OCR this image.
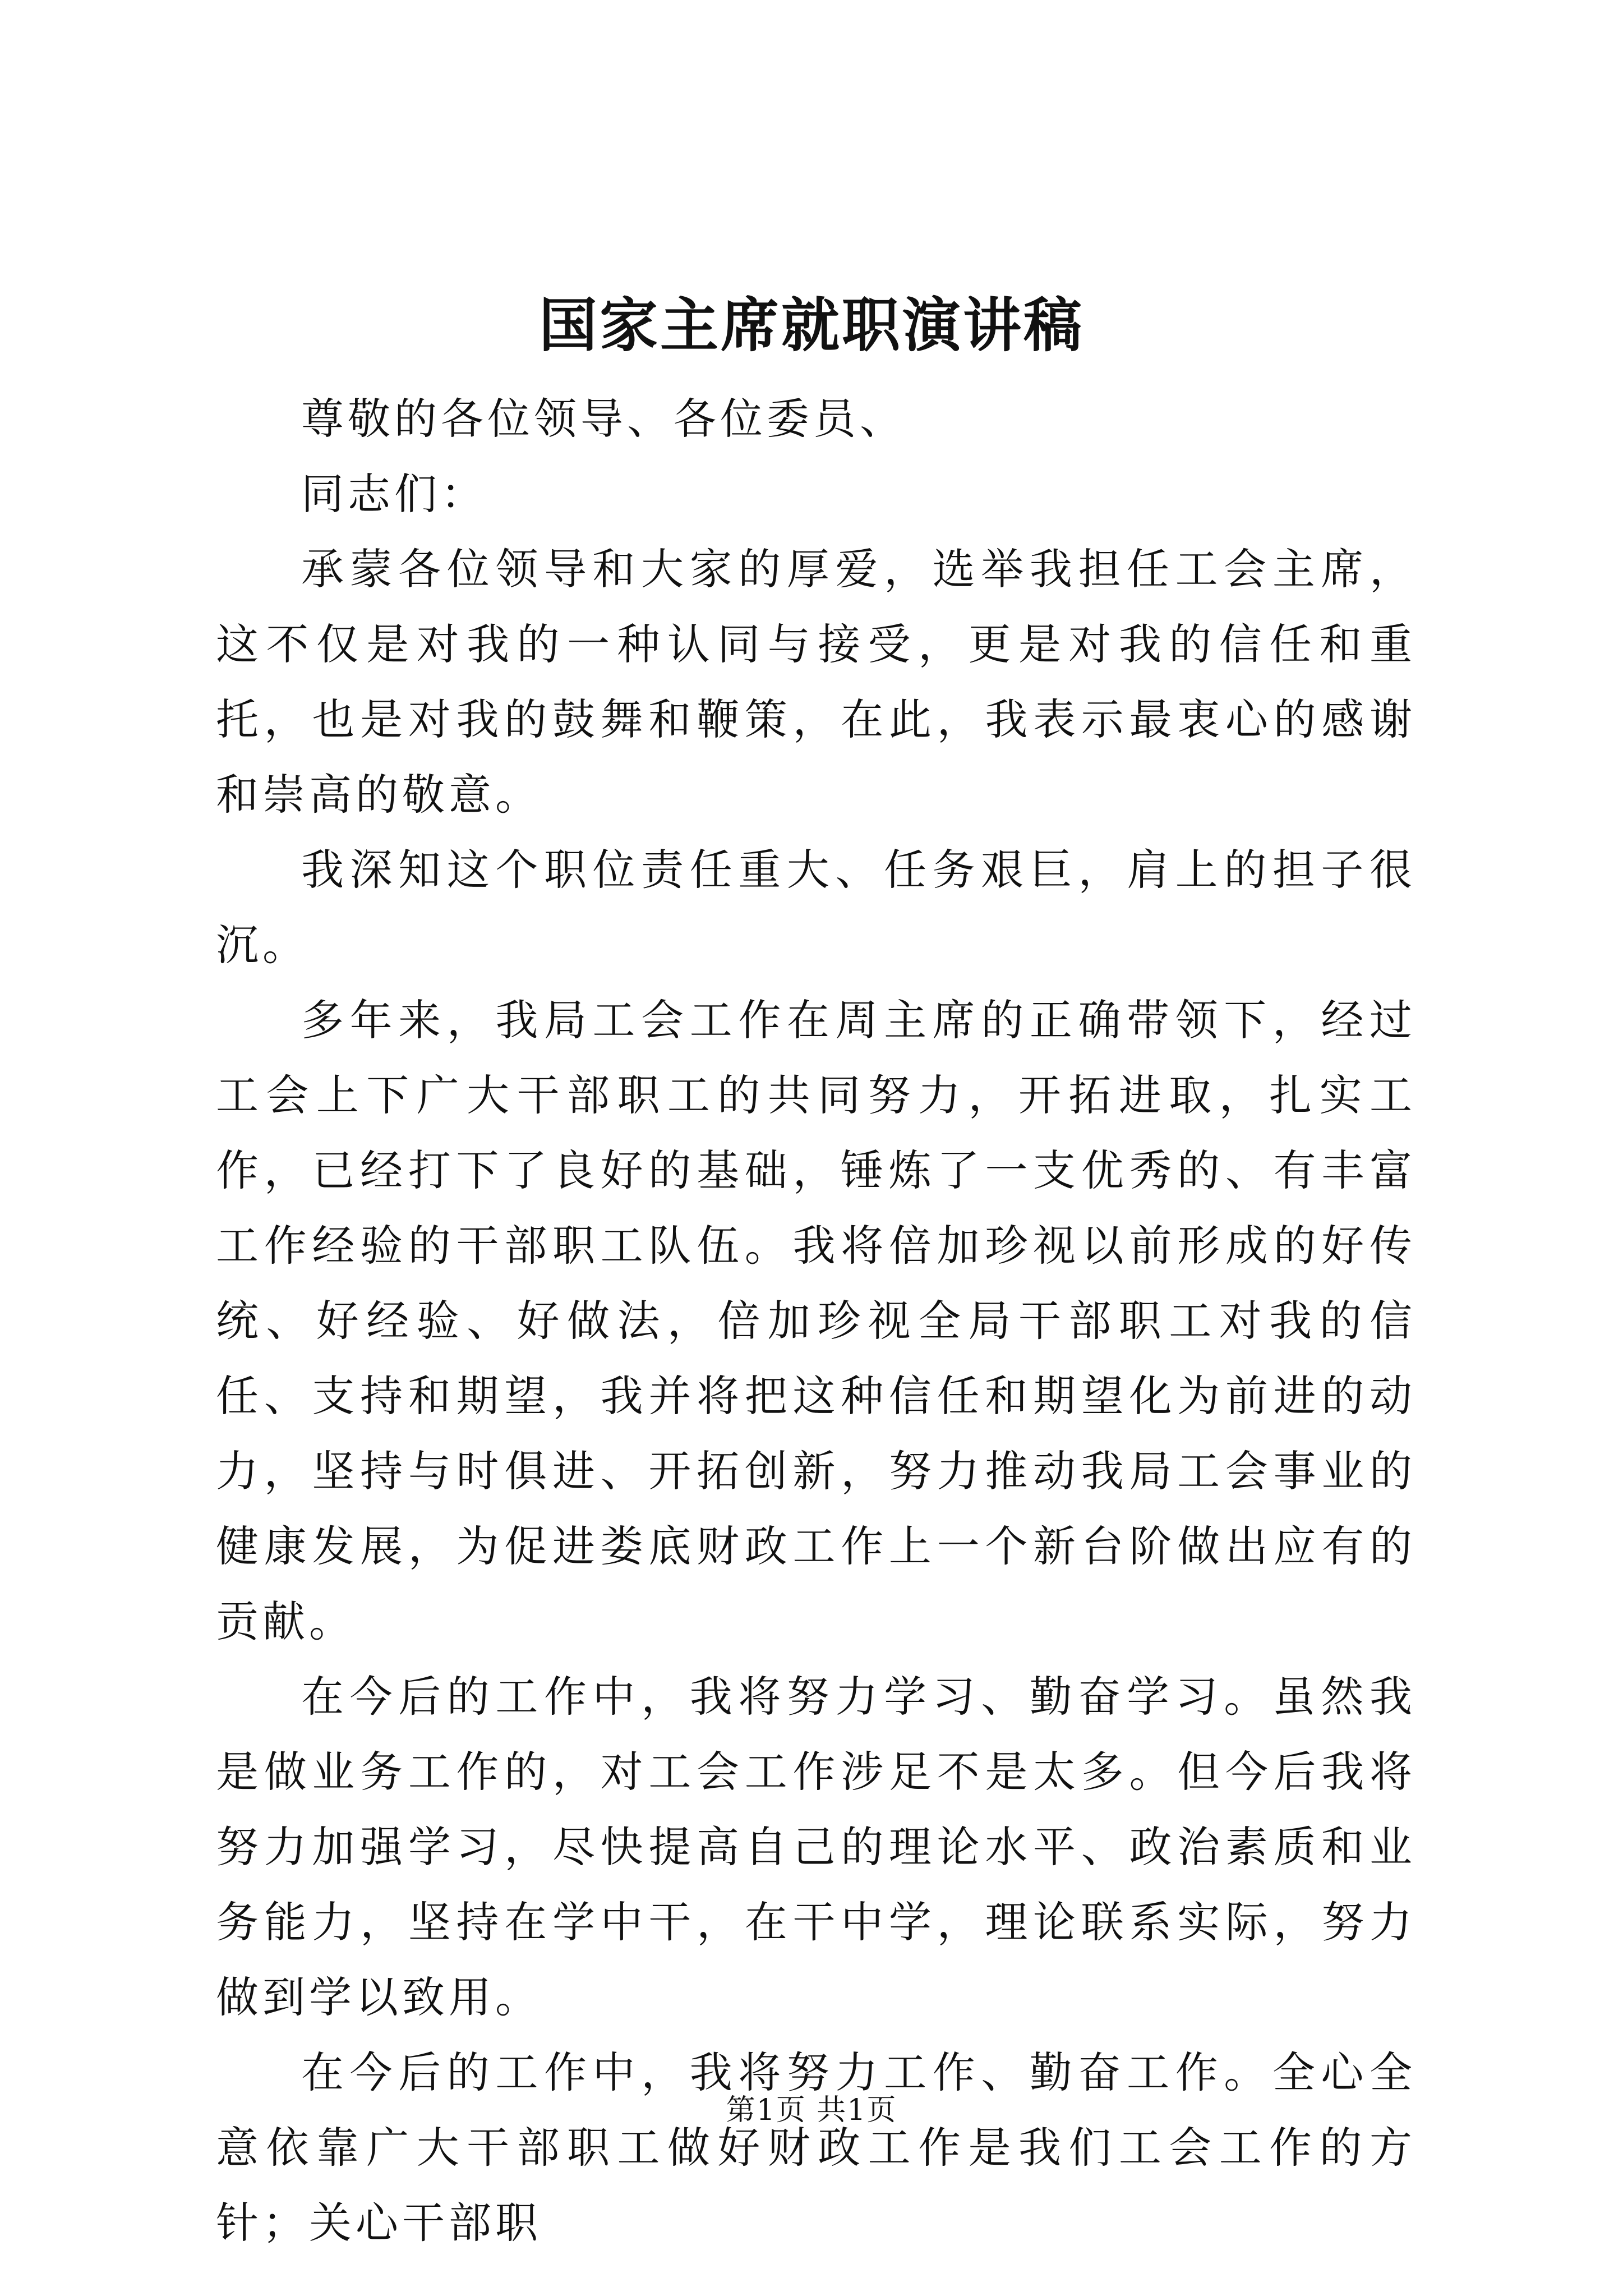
国家主席就职演讲稿

尊敬的各位领导、各位委员、

同志们：

承蒙各位领导和大家的厚爱，选举我担任工会主席，这不仅是对我的一种认同与接受，更是对我的信任和重托，也是对我的鼓舞和鞭策，在此，我表示最衷心的感谢和崇高的敬意。

我深知这个职位责任重大、任务艰巨，肩上的担子很沉。

多年来，我局工会工作在周主席的正确带领下，经过工会上下广大干部职工的共同努力，开拓进取，扎实工作，已经打下了良好的基础，锤炼了一支优秀的、有丰富工作经验的干部职工队伍。我将倍加珍视以前形成的好传统、好经验、好做法，倍加珍视全局干部职工对我的信任、支持和期望，我并将把这种信任和期望化为前进的动力，坚持与时俱进、开拓创新，努力推动我局工会事业的健康发展，为促进娄底财政工作上一个新台阶做出应有的贡献。

在今后的工作中，我将努力学习、勤奋学习。虽然我是做业务工作的，对工会工作涉足不是太多。但今后我将努力加强学习，尽快提高自己的理论水平、政治素质和业务能力，坚持在学中干，在干中学，理论联系实际，努力做到学以致用。

在今后的工作中，我将努力工作、勤奋工作。全心全意依靠广大干部职工做好财政工作是我们工会工作的方针；关心干部职

第1页 共1页
